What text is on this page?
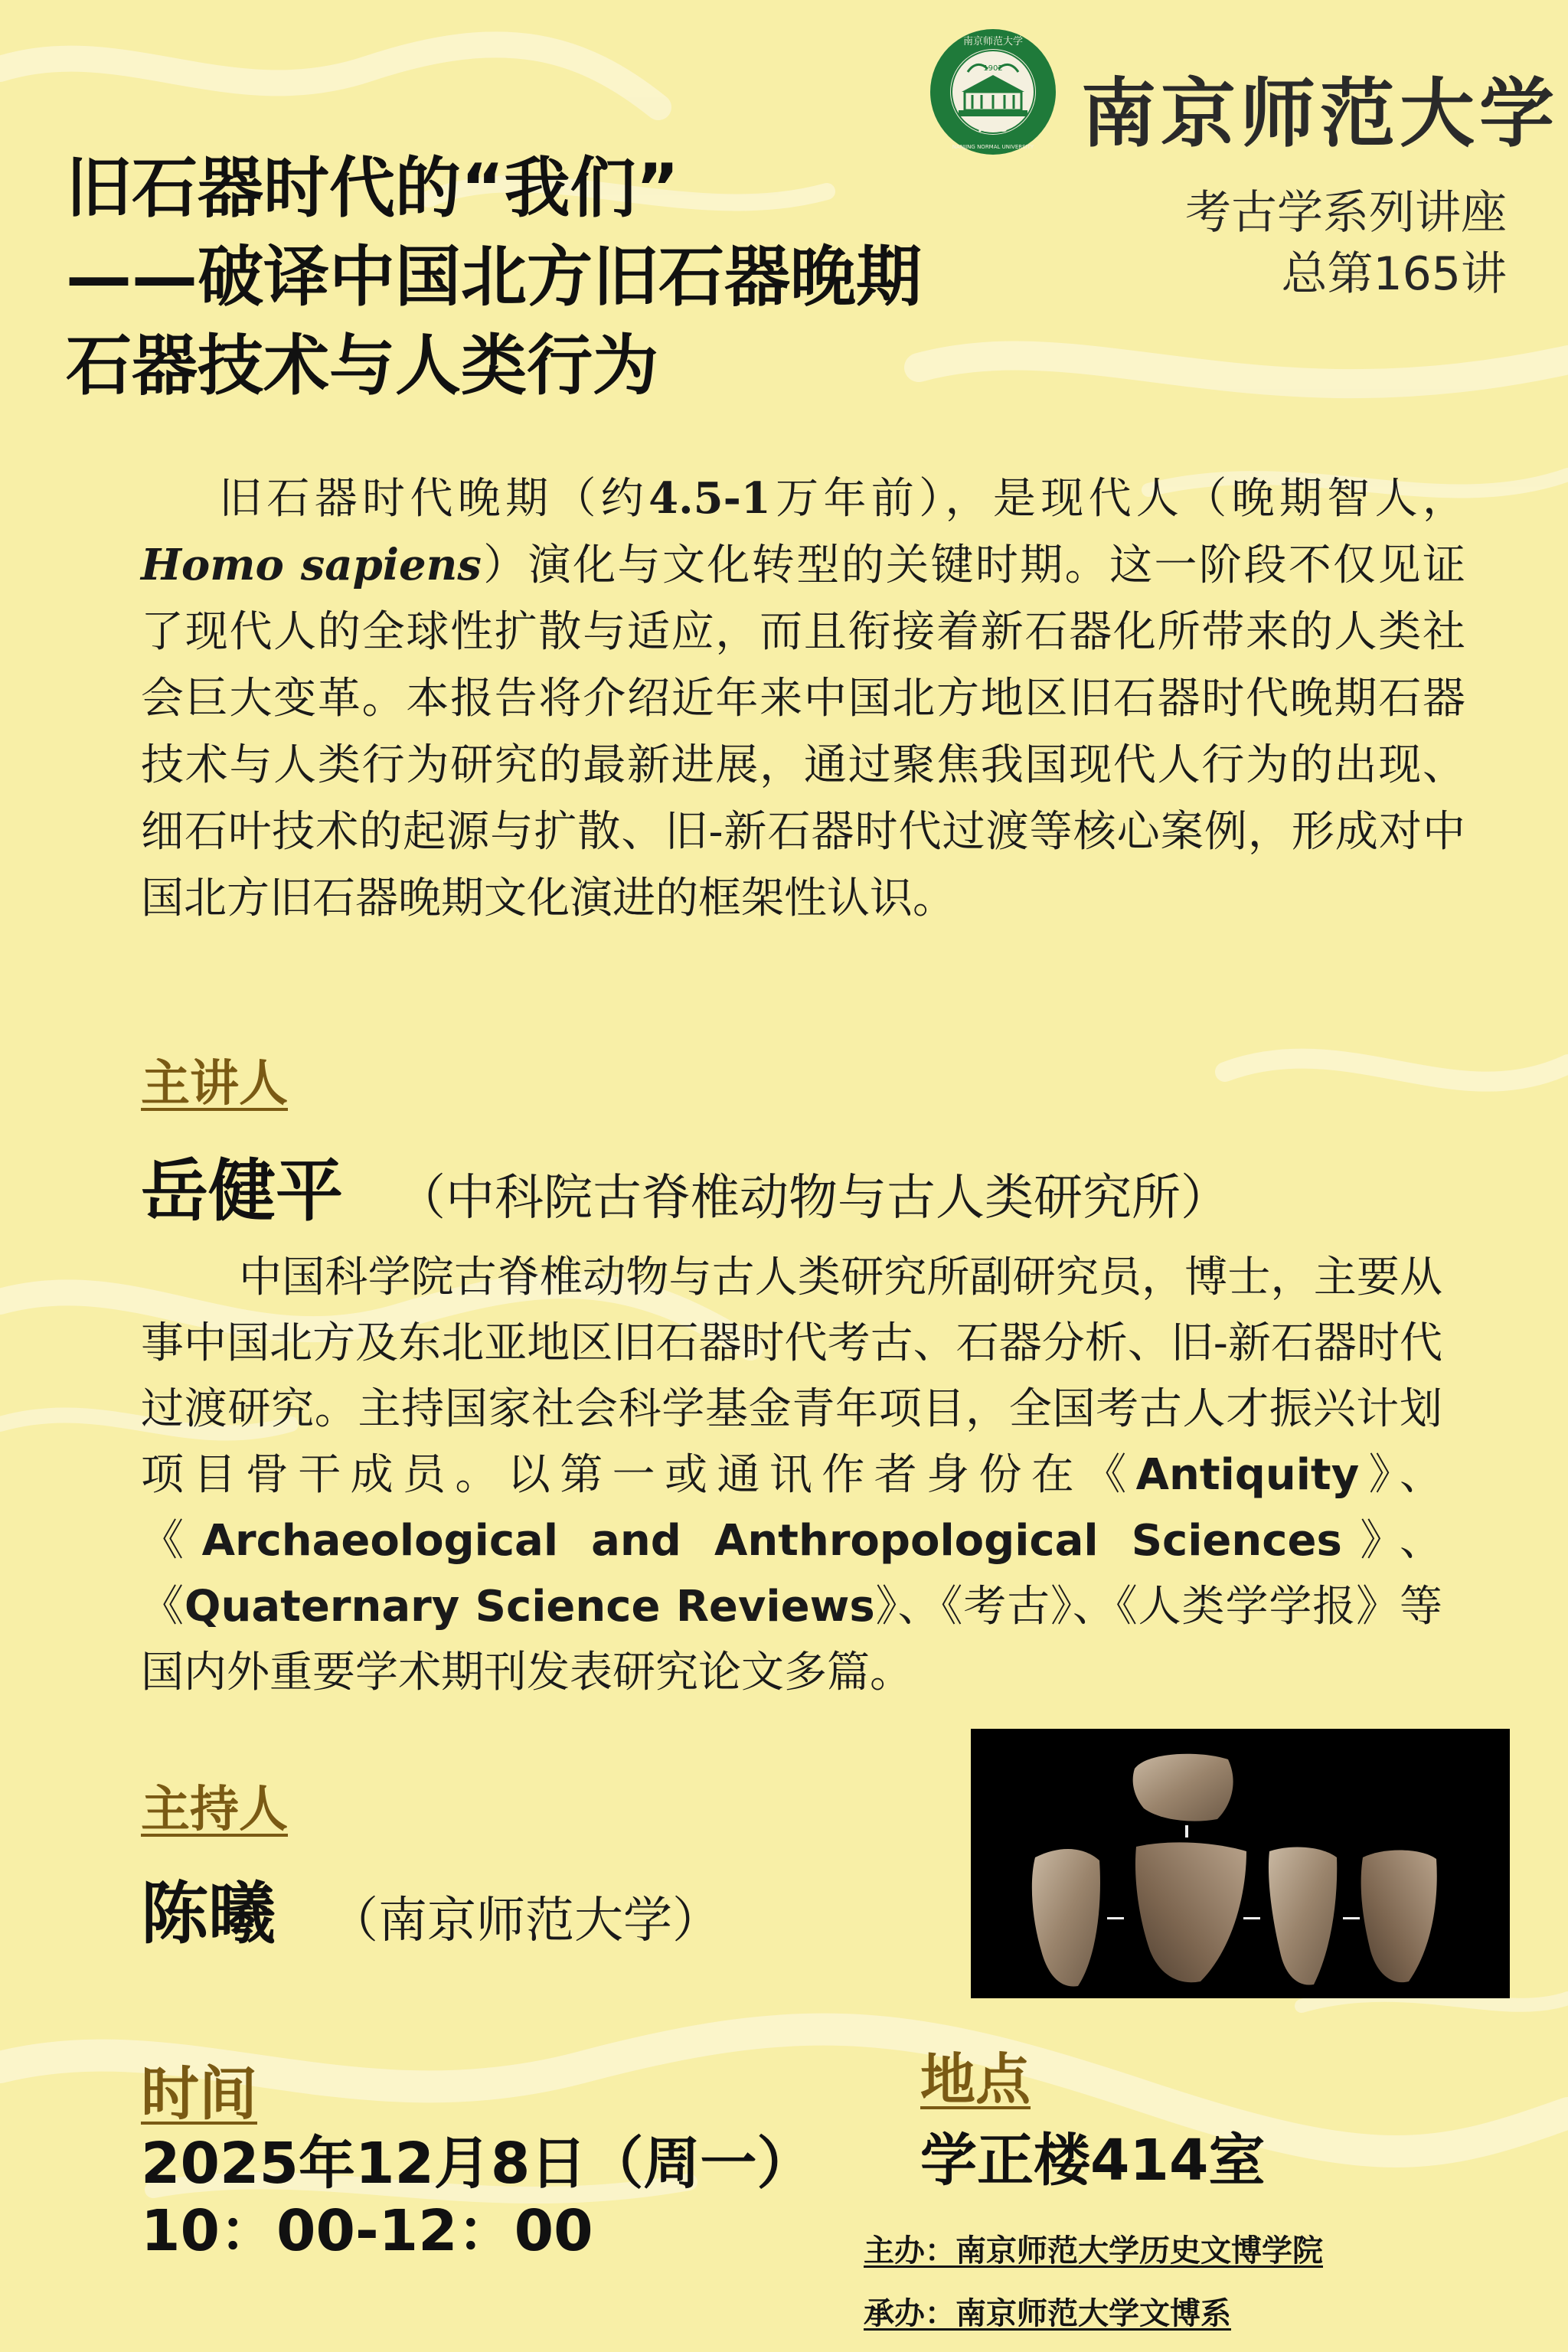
1902
NNU
南京师范大学
NANJING NORMAL UNIVERSITY 南京师范大学
旧石器时代的“我们”
——破译中国北方旧石器晚期
石器技术与人类行为
考古学系列讲座
总第165讲

旧石器时代晚期（约4.5-1万年前），是现代人（晚期智人，Homo sapiens）演化与文化转型的关键时期。这一阶段不仅见证了现代人的全球性扩散与适应，而且衔接着新石器化所带来的人类社会巨大变革。本报告将介绍近年来中国北方地区旧石器时代晚期石器技术与人类行为研究的最新进展，通过聚焦我国现代人行为的出现、细石叶技术的起源与扩散、旧-新石器时代过渡等核心案例，形成对中国北方旧石器晚期文化演进的框架性认识。

主讲人
岳健平 （中科院古脊椎动物与古人类研究所）

中国科学院古脊椎动物与古人类研究所副研究员，博士，主要从事中国北方及东北亚地区旧石器时代考古、石器分析、旧-新石器时代过渡研究。主持国家社会科学基金青年项目，全国考古人才振兴计划项目骨干成员。以第一或通讯作者身份在《Antiquity》、《Archaeological and Anthropological Sciences》、《Quaternary Science Reviews》、《考古》、《人类学学报》等国内外重要学术期刊发表研究论文多篇。

主持人
陈曦 （南京师范大学）
时间
2025年12月8日（周一）
10：00-12：00
地点
学正楼414室
主办：南京师范大学历史文博学院
承办：南京师范大学文博系
